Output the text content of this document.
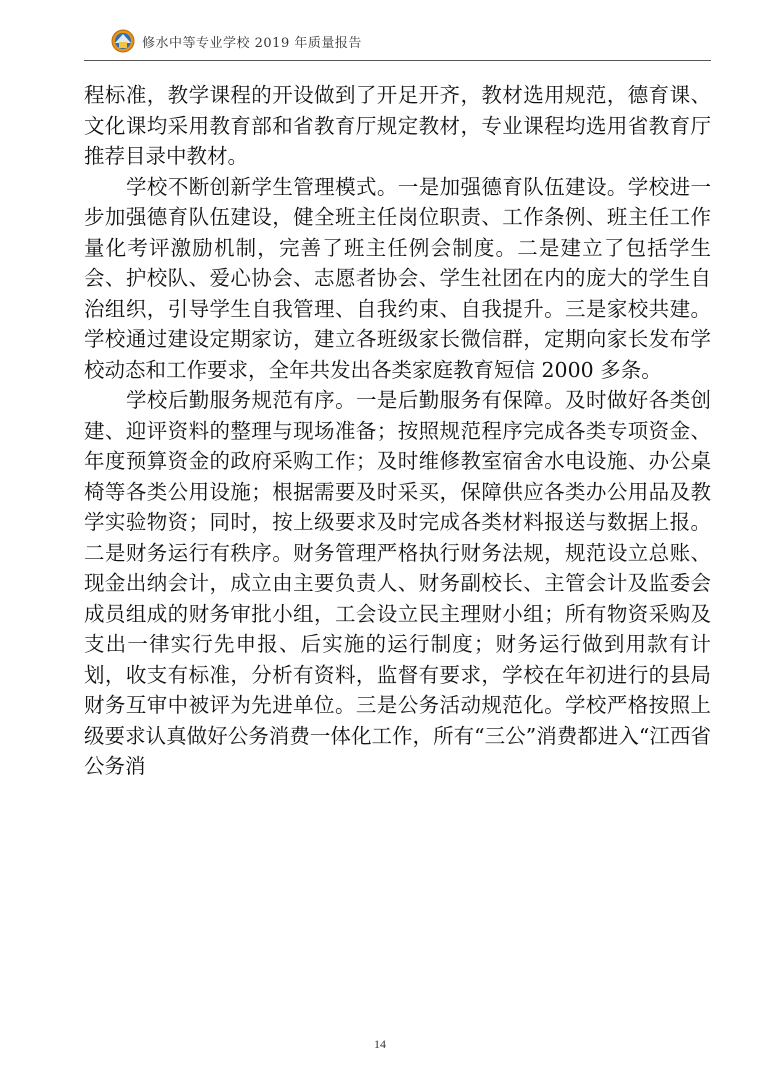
修水中等专业学校 2019 年质量报告

程标准，教学课程的开设做到了开足开齐，教材选用规范，德育课、文化课均采用教育部和省教育厅规定教材，专业课程均选用省教育厅推荐目录中教材。

学校不断创新学生管理模式。一是加强德育队伍建设。学校进一步加强德育队伍建设，健全班主任岗位职责、工作条例、班主任工作量化考评激励机制，完善了班主任例会制度。二是建立了包括学生会、护校队、爱心协会、志愿者协会、学生社团在内的庞大的学生自治组织，引导学生自我管理、自我约束、自我提升。三是家校共建。学校通过建设定期家访，建立各班级家长微信群，定期向家长发布学校动态和工作要求，全年共发出各类家庭教育短信 2000 多条。

学校后勤服务规范有序。一是后勤服务有保障。及时做好各类创建、迎评资料的整理与现场准备；按照规范程序完成各类专项资金、年度预算资金的政府采购工作；及时维修教室宿舍水电设施、办公桌椅等各类公用设施；根据需要及时采买，保障供应各类办公用品及教学实验物资；同时，按上级要求及时完成各类材料报送与数据上报。二是财务运行有秩序。财务管理严格执行财务法规，规范设立总账、现金出纳会计，成立由主要负责人、财务副校长、主管会计及监委会成员组成的财务审批小组，工会设立民主理财小组；所有物资采购及支出一律实行先申报、后实施的运行制度；财务运行做到用款有计划，收支有标准，分析有资料，监督有要求，学校在年初进行的县局财务互审中被评为先进单位。三是公务活动规范化。学校严格按照上级要求认真做好公务消费一体化工作，所有“三公”消费都进入“江西省公务消

14
